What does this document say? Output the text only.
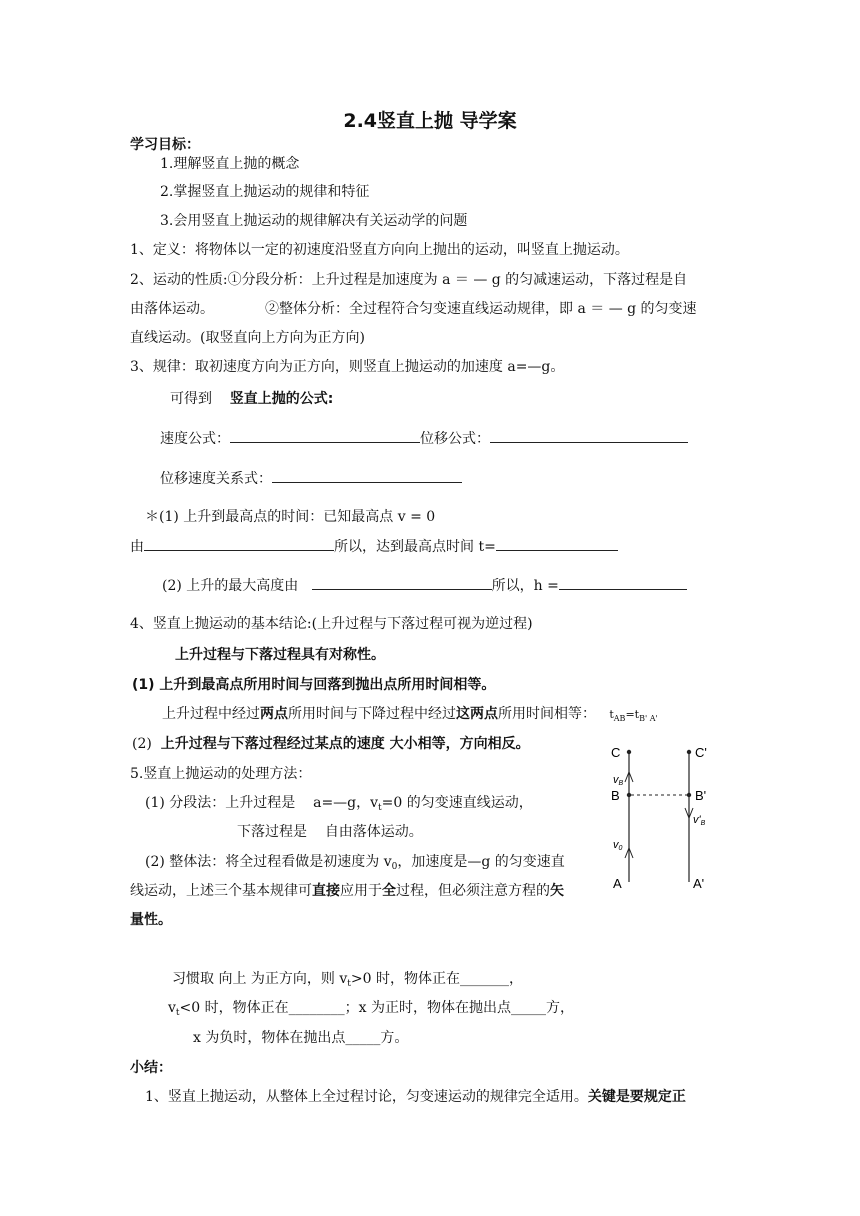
2.4竖直上抛 导学案
学习目标：
1.理解竖直上抛的概念
2.掌握竖直上抛运动的规律和特征
3.会用竖直上抛运动的规律解决有关运动学的问题
1、定义：将物体以一定的初速度沿竖直方向向上抛出的运动，叫竖直上抛运动。
2、运动的性质:①分段分析：上升过程是加速度为 a ＝ — g 的匀减速运动，下落过程是自
由落体运动。	②整体分析：全过程符合匀变速直线运动规律，即 a ＝ — g 的匀变速
直线运动。(取竖直向上方向为正方向)
3、规律：取初速度方向为正方向，则竖直上抛运动的加速度 a=—g。
可得到 竖直上抛的公式:
速度公式：	位移公式：
位移速度关系式：
＊(1) 上升到最高点的时间：已知最高点 v = 0
由	所以，达到最高点时间 t=
(2) 上升的最大高度由	所以，h =
4、竖直上抛运动的基本结论:(上升过程与下落过程可视为逆过程)
上升过程与下落过程具有对称性。
(1) 上升到最高点所用时间与回落到抛出点所用时间相等。
上升过程中经过两点所用时间与下降过程中经过这两点所用时间相等： $t_{AB}=t_{B' A'}$
(2) 上升过程与下落过程经过某点的速度 大小相等，方向相反。
5.竖直上抛运动的处理方法：
(1) 分段法：上升过程是 a=—g，$v_t=0$ 的匀变速直线运动，
下落过程是 自由落体运动。
(2) 整体法：将全过程看做是初速度为 $v_0$，加速度是—g 的匀变速直
线运动，上述三个基本规律可直接应用于全过程，但必须注意方程的矢
量性。
习惯取 向上 为正方向，则 $v_t>0$ 时，物体正在_______，
$v_t<0$ 时，物体正在________；x 为正时，物体在抛出点_____方，
x 为负时，物体在抛出点_____方。
小结：
1、竖直上抛运动，从整体上全过程讨论，匀变速运动的规律完全适用。关键是要规定正
C	C'
B	B'
A	A'
vB
v'B
v0
